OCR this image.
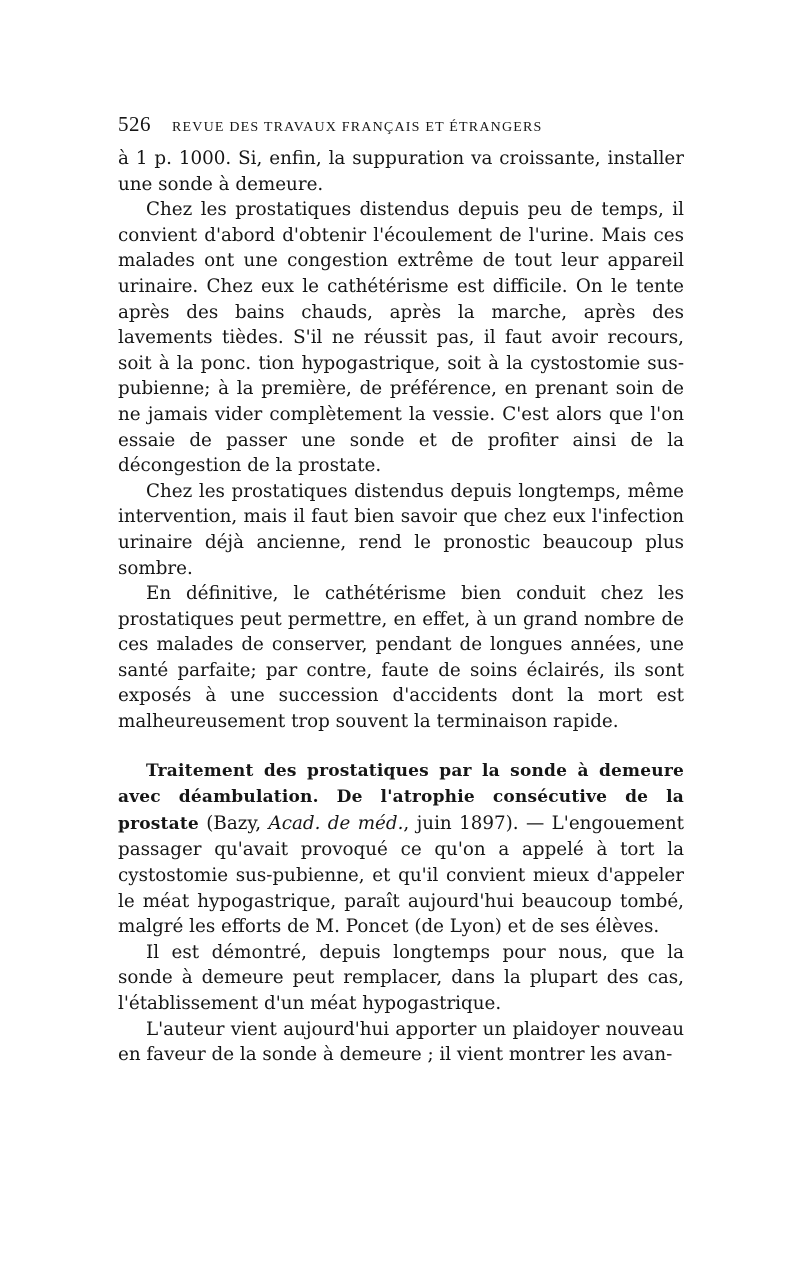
526 REVUE DES TRAVAUX FRANÇAIS ET ÉTRANGERS

à 1 p. 1000. Si, enfin, la suppuration va croissante, installer une sonde à demeure.

Chez les prostatiques distendus depuis peu de temps, il convient d'abord d'obtenir l'écoulement de l'urine. Mais ces malades ont une congestion extrême de tout leur appareil urinaire. Chez eux le cathétérisme est difficile. On le tente après des bains chauds, après la marche, après des lavements tièdes. S'il ne réussit pas, il faut avoir recours, soit à la ponc. tion hypogastrique, soit à la cystostomie sus-pubienne; à la première, de préférence, en prenant soin de ne jamais vider complètement la vessie. C'est alors que l'on essaie de passer une sonde et de profiter ainsi de la décongestion de la prostate.

Chez les prostatiques distendus depuis longtemps, même intervention, mais il faut bien savoir que chez eux l'infection urinaire déjà ancienne, rend le pronostic beaucoup plus sombre.

En définitive, le cathétérisme bien conduit chez les prostatiques peut permettre, en effet, à un grand nombre de ces malades de conserver, pendant de longues années, une santé parfaite; par contre, faute de soins éclairés, ils sont exposés à une succession d'accidents dont la mort est malheureusement trop souvent la terminaison rapide.

Traitement des prostatiques par la sonde à demeure avec déambulation. De l'atrophie consécutive de la prostate (Bazy, Acad. de méd., juin 1897). — L'engouement passager qu'avait provoqué ce qu'on a appelé à tort la cystostomie sus-pubienne, et qu'il convient mieux d'appeler le méat hypogastrique, paraît aujourd'hui beaucoup tombé, malgré les efforts de M. Poncet (de Lyon) et de ses élèves.

Il est démontré, depuis longtemps pour nous, que la sonde à demeure peut remplacer, dans la plupart des cas, l'établissement d'un méat hypogastrique.

L'auteur vient aujourd'hui apporter un plaidoyer nouveau en faveur de la sonde à demeure ; il vient montrer les avan-
